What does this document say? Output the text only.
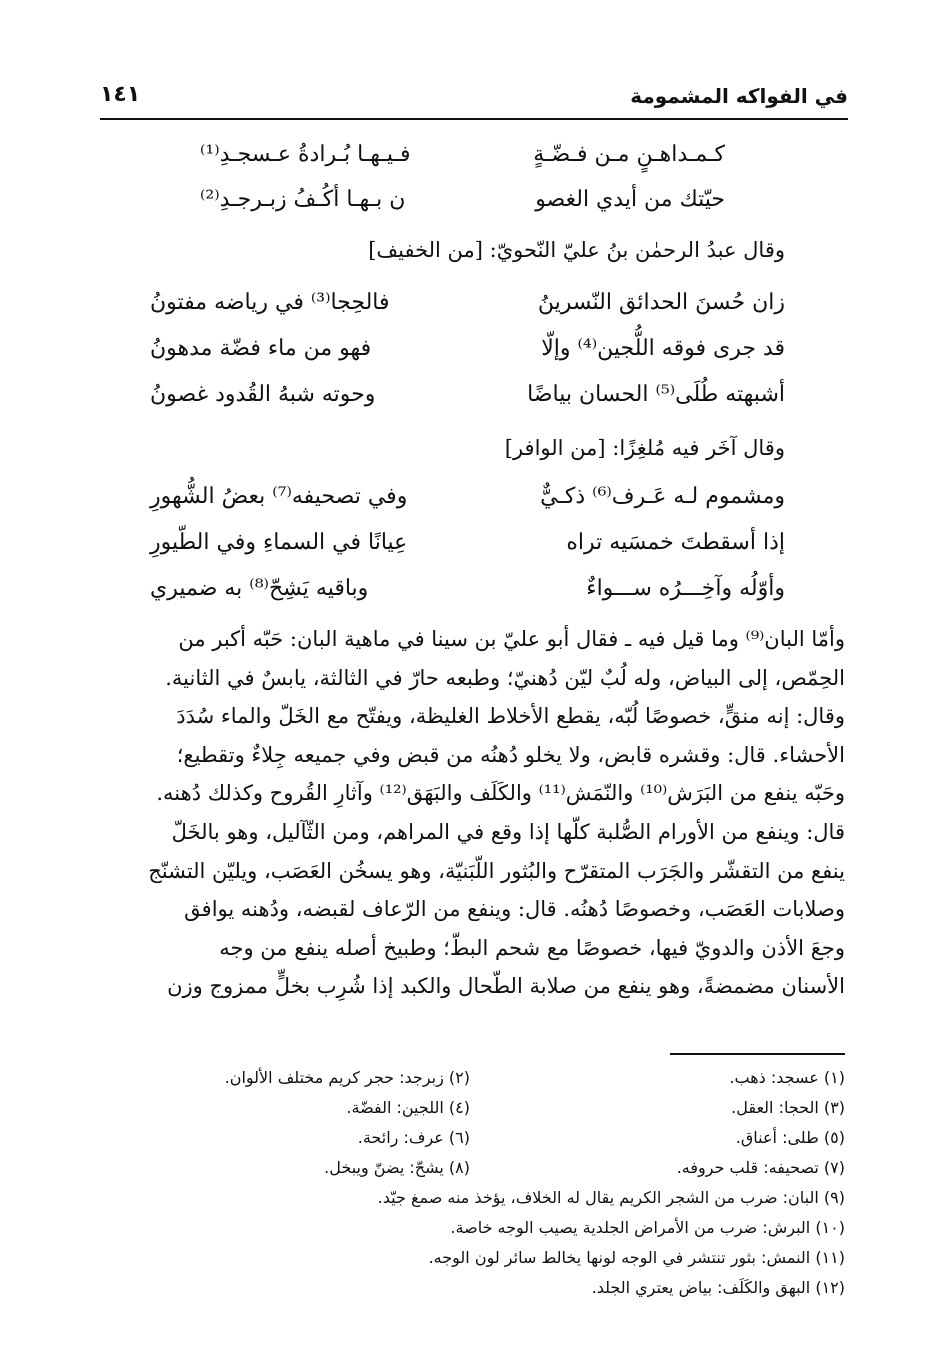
في الفواكه المشمومة
١٤١
كـمـداهـنٍ مـن فـضّـةٍ
فـيـهـا بُـرادةُ عـسجـدِ⁽¹⁾
حيّتك من أيدي الغصو
ن بـهـا أكُـفُ زبـرجـدِ⁽²⁾
وقال عبدُ الرحمٰن بنُ عليّ النّحويّ: [من الخفيف]
زان حُسنَ الحدائق النّسرينُ
فالحِجا⁽³⁾ في رياضه مفتونُ
قد جرى فوقه اللُّجين⁽⁴⁾ وإلّا
فهو من ماء فضّة مدهونُ
أشبهته طُلَى⁽⁵⁾ الحسان بياضًا
وحوته شبهُ القُدود غصونُ
وقال آخَر فيه مُلغِزًا: [من الوافر]
ومشموم لـه عَـرف⁽⁶⁾ ذكـيٌّ
وفي تصحيفه⁽⁷⁾ بعضُ الشُّهورِ
إذا أسقطتَ خمسَيه تراه
عِيانًا في السماءِ وفي الطّيورِ
وأوّلُه وآخِـــرُه ســـواءٌ
وباقيه يَشِحّ⁽⁸⁾ به ضميري
وأمّا البان⁽⁹⁾ وما قيل فيه ـ فقال أبو عليّ بن سينا في ماهية البان: حَبّه أكبر من
الحِمّص، إلى البياض، وله لُبٌ ليّن دُهنيّ؛ وطبعه حارّ في الثالثة، يابسٌ في الثانية.
وقال: إنه منقٍّ، خصوصًا لُبّه، يقطع الأخلاط الغليظة، ويفتّح مع الخَلّ والماء سُدَدَ
الأحشاء. قال: وقشره قابض، ولا يخلو دُهنُه من قبض وفي جميعه جِلاءٌ وتقطيع؛
وحَبّه ينفع من البَرَش⁽¹⁰⁾ والنّمَش⁽¹¹⁾ والكَلَف والبَهَق⁽¹²⁾ وآثارِ القُروح وكذلك دُهنه.
قال: وينفع من الأورام الصُّلبة كلّها إذا وقع في المراهم، ومن الثّآليل، وهو بالخَلّ
ينفع من التقشّر والجَرَب المتقرّح والبُثور اللّبَنيّة، وهو يسخُن العَصَب، ويليّن التشنّج
وصلابات العَصَب، وخصوصًا دُهنُه. قال: وينفع من الرّعاف لقبضه، ودُهنه يوافق
وجعَ الأذن والدويّ فيها، خصوصًا مع شحم البطّ؛ وطبيخ أصله ينفع من وجه
الأسنان مضمضةً، وهو ينفع من صلابة الطّحال والكبد إذا شُرِب بخلٍّ ممزوج وزن
(١) عسجد: ذهب.
(٢) زبرجد: حجر كريم مختلف الألوان.
(٣) الحجا: العقل.
(٤) اللجين: الفضّة.
(٥) طلى: أعناق.
(٦) عرف: رائحة.
(٧) تصحيفه: قلب حروفه.
(٨) يشحّ: يضنّ ويبخل.
(٩) البان: ضرب من الشجر الكريم يقال له الخلاف، يؤخذ منه صمغ جيّد.
(١٠) البرش: ضرب من الأمراض الجلدية يصيب الوجه خاصة.
(١١) النمش: بثور تنتشر في الوجه لونها يخالط سائر لون الوجه.
(١٢) البهق والكَلَف: بياض يعتري الجلد.
